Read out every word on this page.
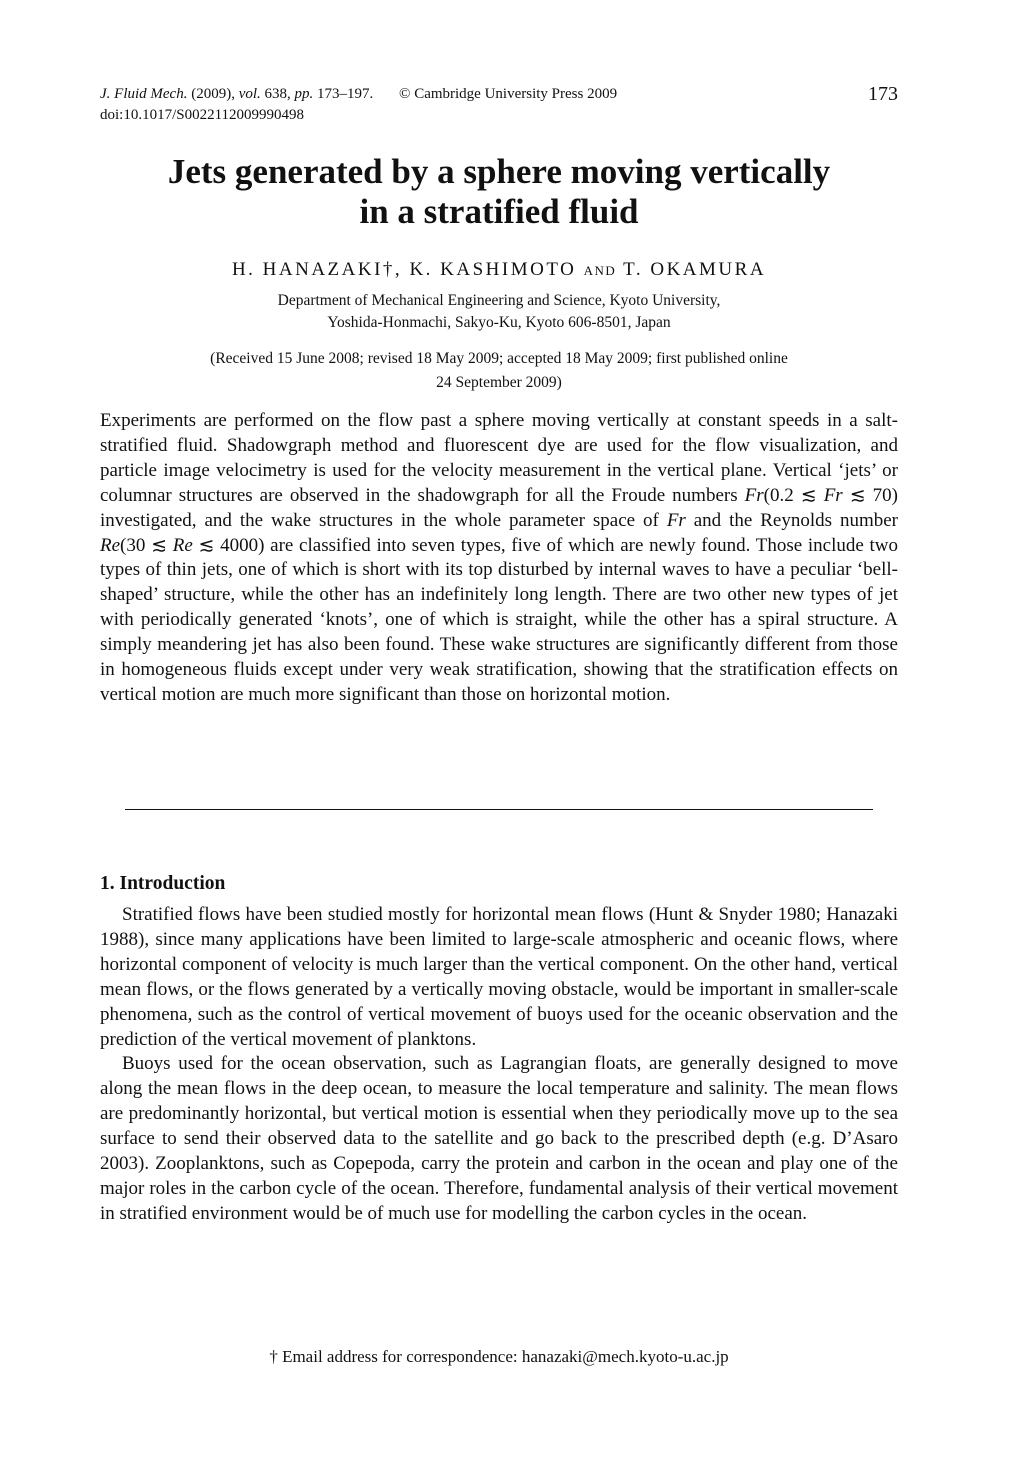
J. Fluid Mech. (2009), vol. 638, pp. 173–197. © Cambridge University Press 2009
doi:10.1017/S0022112009990498
173
Jets generated by a sphere moving vertically
in a stratified fluid
H. HANAZAKI†, K. KASHIMOTO AND T. OKAMURA
Department of Mechanical Engineering and Science, Kyoto University,
Yoshida-Honmachi, Sakyo-Ku, Kyoto 606-8501, Japan
(Received 15 June 2008; revised 18 May 2009; accepted 18 May 2009; first published online
24 September 2009)
Experiments are performed on the flow past a sphere moving vertically at constant speeds in a salt-stratified fluid. Shadowgraph method and fluorescent dye are used for the flow visualization, and particle image velocimetry is used for the velocity measurement in the vertical plane. Vertical ‘jets’ or columnar structures are observed in the shadowgraph for all the Froude numbers Fr(0.2 ≲ Fr ≲ 70) investigated, and the wake structures in the whole parameter space of Fr and the Reynolds number Re(30 ≲ Re ≲ 4000) are classified into seven types, five of which are newly found. Those include two types of thin jets, one of which is short with its top disturbed by internal waves to have a peculiar ‘bell-shaped’ structure, while the other has an indefinitely long length. There are two other new types of jet with periodically generated ‘knots’, one of which is straight, while the other has a spiral structure. A simply meandering jet has also been found. These wake structures are significantly different from those in homogeneous fluids except under very weak stratification, showing that the stratification effects on vertical motion are much more significant than those on horizontal motion.
1. Introduction

Stratified flows have been studied mostly for horizontal mean flows (Hunt & Snyder 1980; Hanazaki 1988), since many applications have been limited to large-scale atmospheric and oceanic flows, where horizontal component of velocity is much larger than the vertical component. On the other hand, vertical mean flows, or the flows generated by a vertically moving obstacle, would be important in smaller-scale phenomena, such as the control of vertical movement of buoys used for the oceanic observation and the prediction of the vertical movement of planktons.

Buoys used for the ocean observation, such as Lagrangian floats, are generally designed to move along the mean flows in the deep ocean, to measure the local temperature and salinity. The mean flows are predominantly horizontal, but vertical motion is essential when they periodically move up to the sea surface to send their observed data to the satellite and go back to the prescribed depth (e.g. D’Asaro 2003). Zooplanktons, such as Copepoda, carry the protein and carbon in the ocean and play one of the major roles in the carbon cycle of the ocean. Therefore, fundamental analysis of their vertical movement in stratified environment would be of much use for modelling the carbon cycles in the ocean.

† Email address for correspondence: hanazaki@mech.kyoto-u.ac.jp
